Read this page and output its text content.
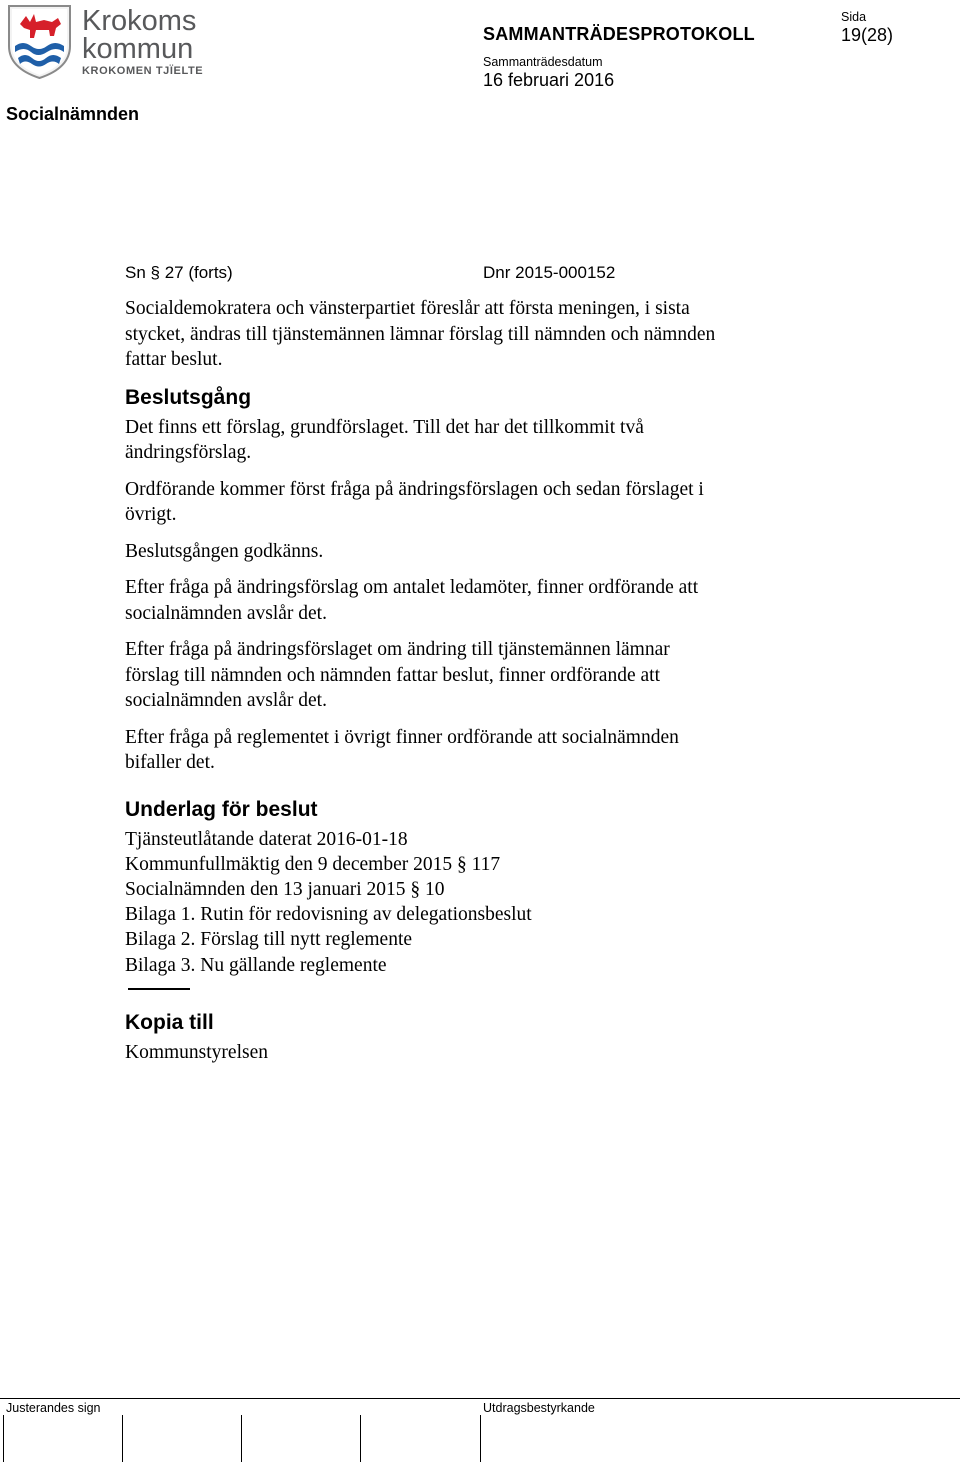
Krokoms
kommun
KROKOMEN TJÏELTE
SAMMANTRÄDESPROTOKOLL
Sammanträdesdatum
16 februari 2016
Sida
19(28)
Socialnämnden
Sn § 27 (forts)	Dnr 2015-000152

Socialdemokratera och vänsterpartiet föreslår att första meningen, i sista
stycket, ändras till tjänstemännen lämnar förslag till nämnden och nämnden
fattar beslut.

Beslutsgång

Det finns ett förslag, grundförslaget. Till det har det tillkommit två
ändringsförslag.

Ordförande kommer först fråga på ändringsförslagen och sedan förslaget i
övrigt.

Beslutsgången godkänns.

Efter fråga på ändringsförslag om antalet ledamöter, finner ordförande att
socialnämnden avslår det.

Efter fråga på ändringsförslaget om ändring till tjänstemännen lämnar
förslag till nämnden och nämnden fattar beslut, finner ordförande att
socialnämnden avslår det.

Efter fråga på reglementet i övrigt finner ordförande att socialnämnden
bifaller det.

Underlag för beslut
Tjänsteutlåtande daterat 2016-01-18
Kommunfullmäktig den 9 december 2015 § 117
Socialnämnden den 13 januari 2015 § 10
Bilaga 1. Rutin för redovisning av delegationsbeslut
Bilaga 2. Förslag till nytt reglemente
Bilaga 3. Nu gällande reglemente
Kopia till

Kommunstyrelsen

Justerandes sign	Utdragsbestyrkande
